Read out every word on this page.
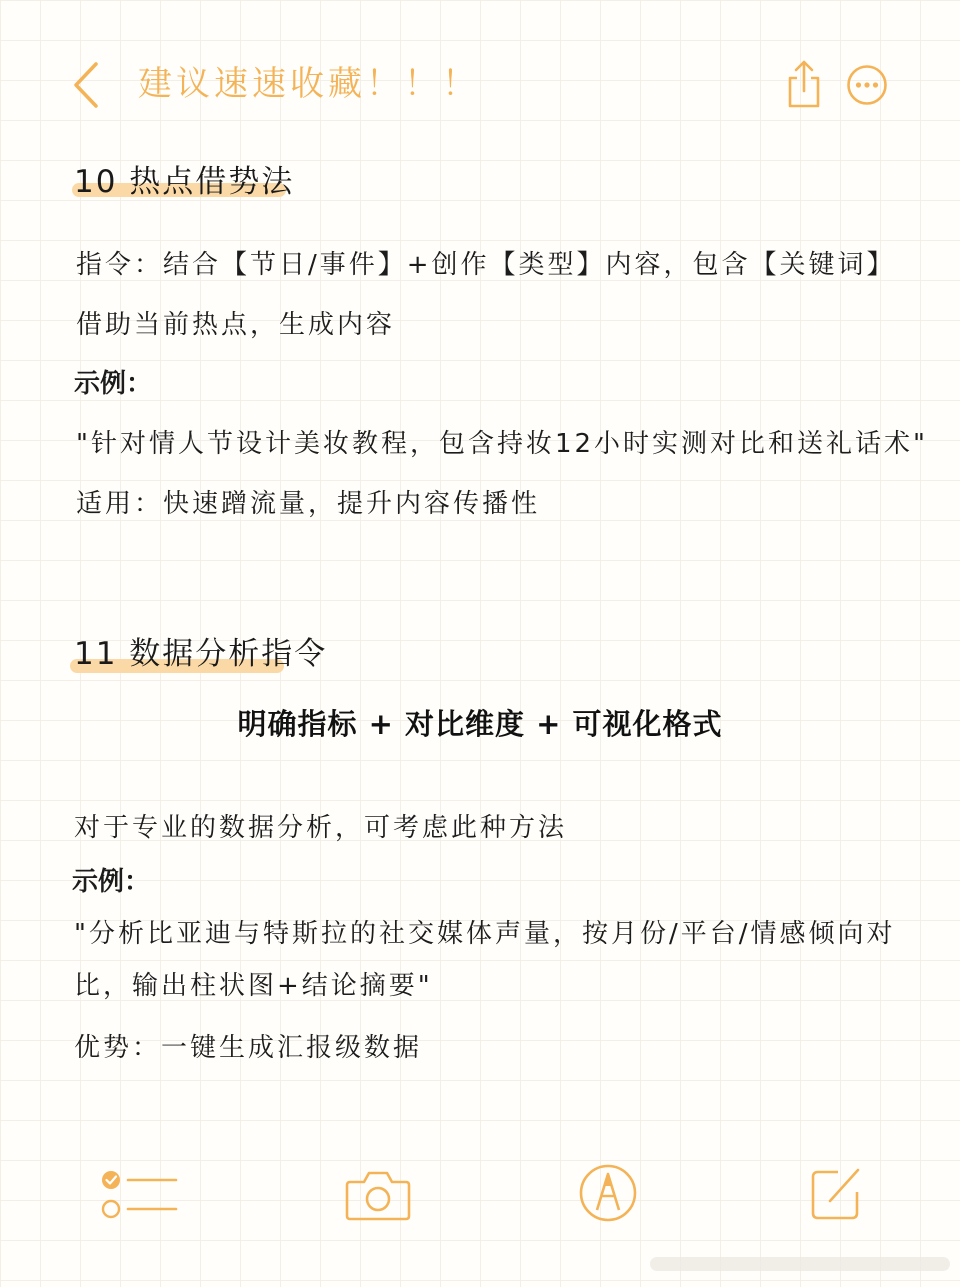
建议速速收藏！！！
10 热点借势法
指令：结合【节日/事件】+创作【类型】内容，包含【关键词】
借助当前热点，生成内容
示例：
"针对情人节设计美妆教程，包含持妆12小时实测对比和送礼话术"
适用：快速蹭流量，提升内容传播性
11 数据分析指令
明确指标 + 对比维度 + 可视化格式
对于专业的数据分析，可考虑此种方法
示例：
"分析比亚迪与特斯拉的社交媒体声量，按月份/平台/情感倾向对
比，输出柱状图+结论摘要"
优势：一键生成汇报级数据
